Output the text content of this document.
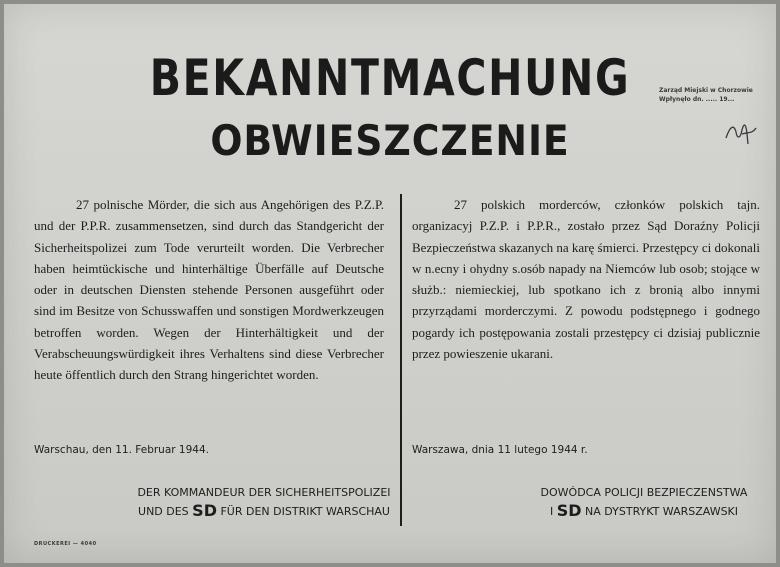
BEKANNTMACHUNG
OBWIESZCZENIE
Zarząd Miejski w Chorzowie
Wpłynęło dn. ..... 19...

27 polnische Mörder, die sich aus Angehörigen des P.Z.P. und der P.P.R. zusammensetzen, sind durch das Standgericht der Sicherheitspolizei zum Tode verurteilt worden. Die Verbrecher haben heimtückische und hinterhältige Überfälle auf Deutsche oder in deutschen Diensten stehende Personen ausgeführt oder sind im Besitze von Schusswaffen und sonstigen Mordwerkzeugen betroffen worden. Wegen der Hinterhältigkeit und der Verabscheuungswürdigkeit ihres Verhaltens sind diese Verbrecher heute öffentlich durch den Strang hingerichtet worden.

27 polskich morderców, członków polskich tajn. organizacyj P.Z.P. i P.P.R., zostało przez Sąd Doraźny Policji Bezpieczeństwa skazanych na karę śmierci. Przestępcy ci dokonali w n.ecny i ohydny s.osób napady na Niemców lub osob; stojące w służb.: niemieckiej, lub spotkano ich z bronią albo innymi przyrządami morderczymi. Z powodu podstępnego i godnego pogardy ich postępowania zostali przestępcy ci dzisiaj publicznie przez powieszenie ukarani.

Warschau, den 11. Februar 1944.	Warszawa, dnia 11 lutego 1944 r.
DER KOMMANDEUR DER SICHERHEITSPOLIZEI
UND DES SD FÜR DEN DISTRIKT WARSCHAU
DOWÓDCA POLICJI BEZPIECZENSTWA
I SD NA DYSTRYKT WARSZAWSKI
DRUCKEREI — 4040
